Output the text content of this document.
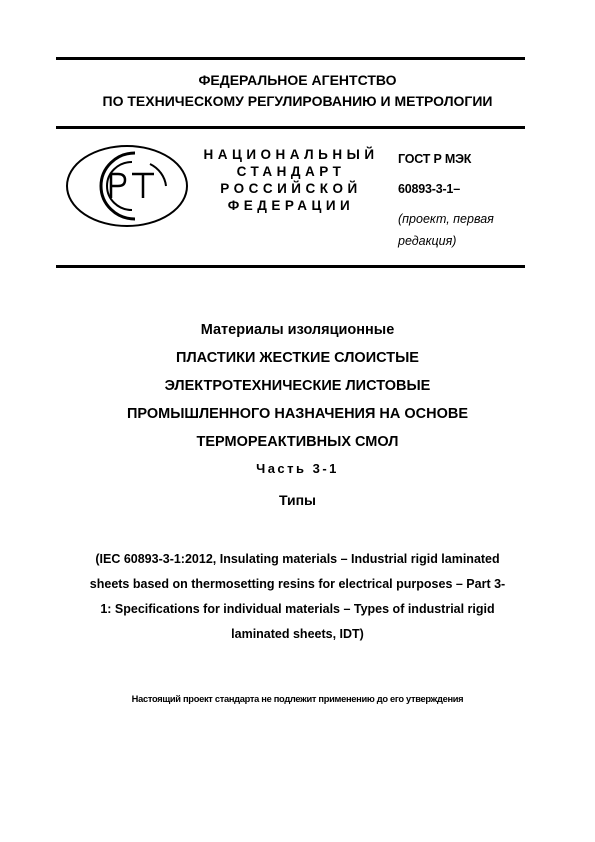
ФЕДЕРАЛЬНОЕ АГЕНТСТВО
ПО ТЕХНИЧЕСКОМУ РЕГУЛИРОВАНИЮ И МЕТРОЛОГИИ
НАЦИОНАЛЬНЫЙ
СТАНДАРТ
РОССИЙСКОЙ
ФЕДЕРАЦИИ
ГОСТ Р МЭК
60893-3-1–
(проект, первая
редакция)
Материалы изоляционные
ПЛАСТИКИ ЖЕСТКИЕ СЛОИСТЫЕ
ЭЛЕКТРОТЕХНИЧЕСКИЕ ЛИСТОВЫЕ
ПРОМЫШЛЕННОГО НАЗНАЧЕНИЯ НА ОСНОВЕ
ТЕРМОРЕАКТИВНЫХ СМОЛ
Часть 3-1
Типы
(IEC 60893-3-1:2012, Insulating materials – Industrial rigid laminated
sheets based on thermosetting resins for electrical purposes – Part 3-
1: Specifications for individual materials – Types of industrial rigid
laminated sheets, IDT)
Настоящий проект стандарта не подлежит применению до его утверждения
